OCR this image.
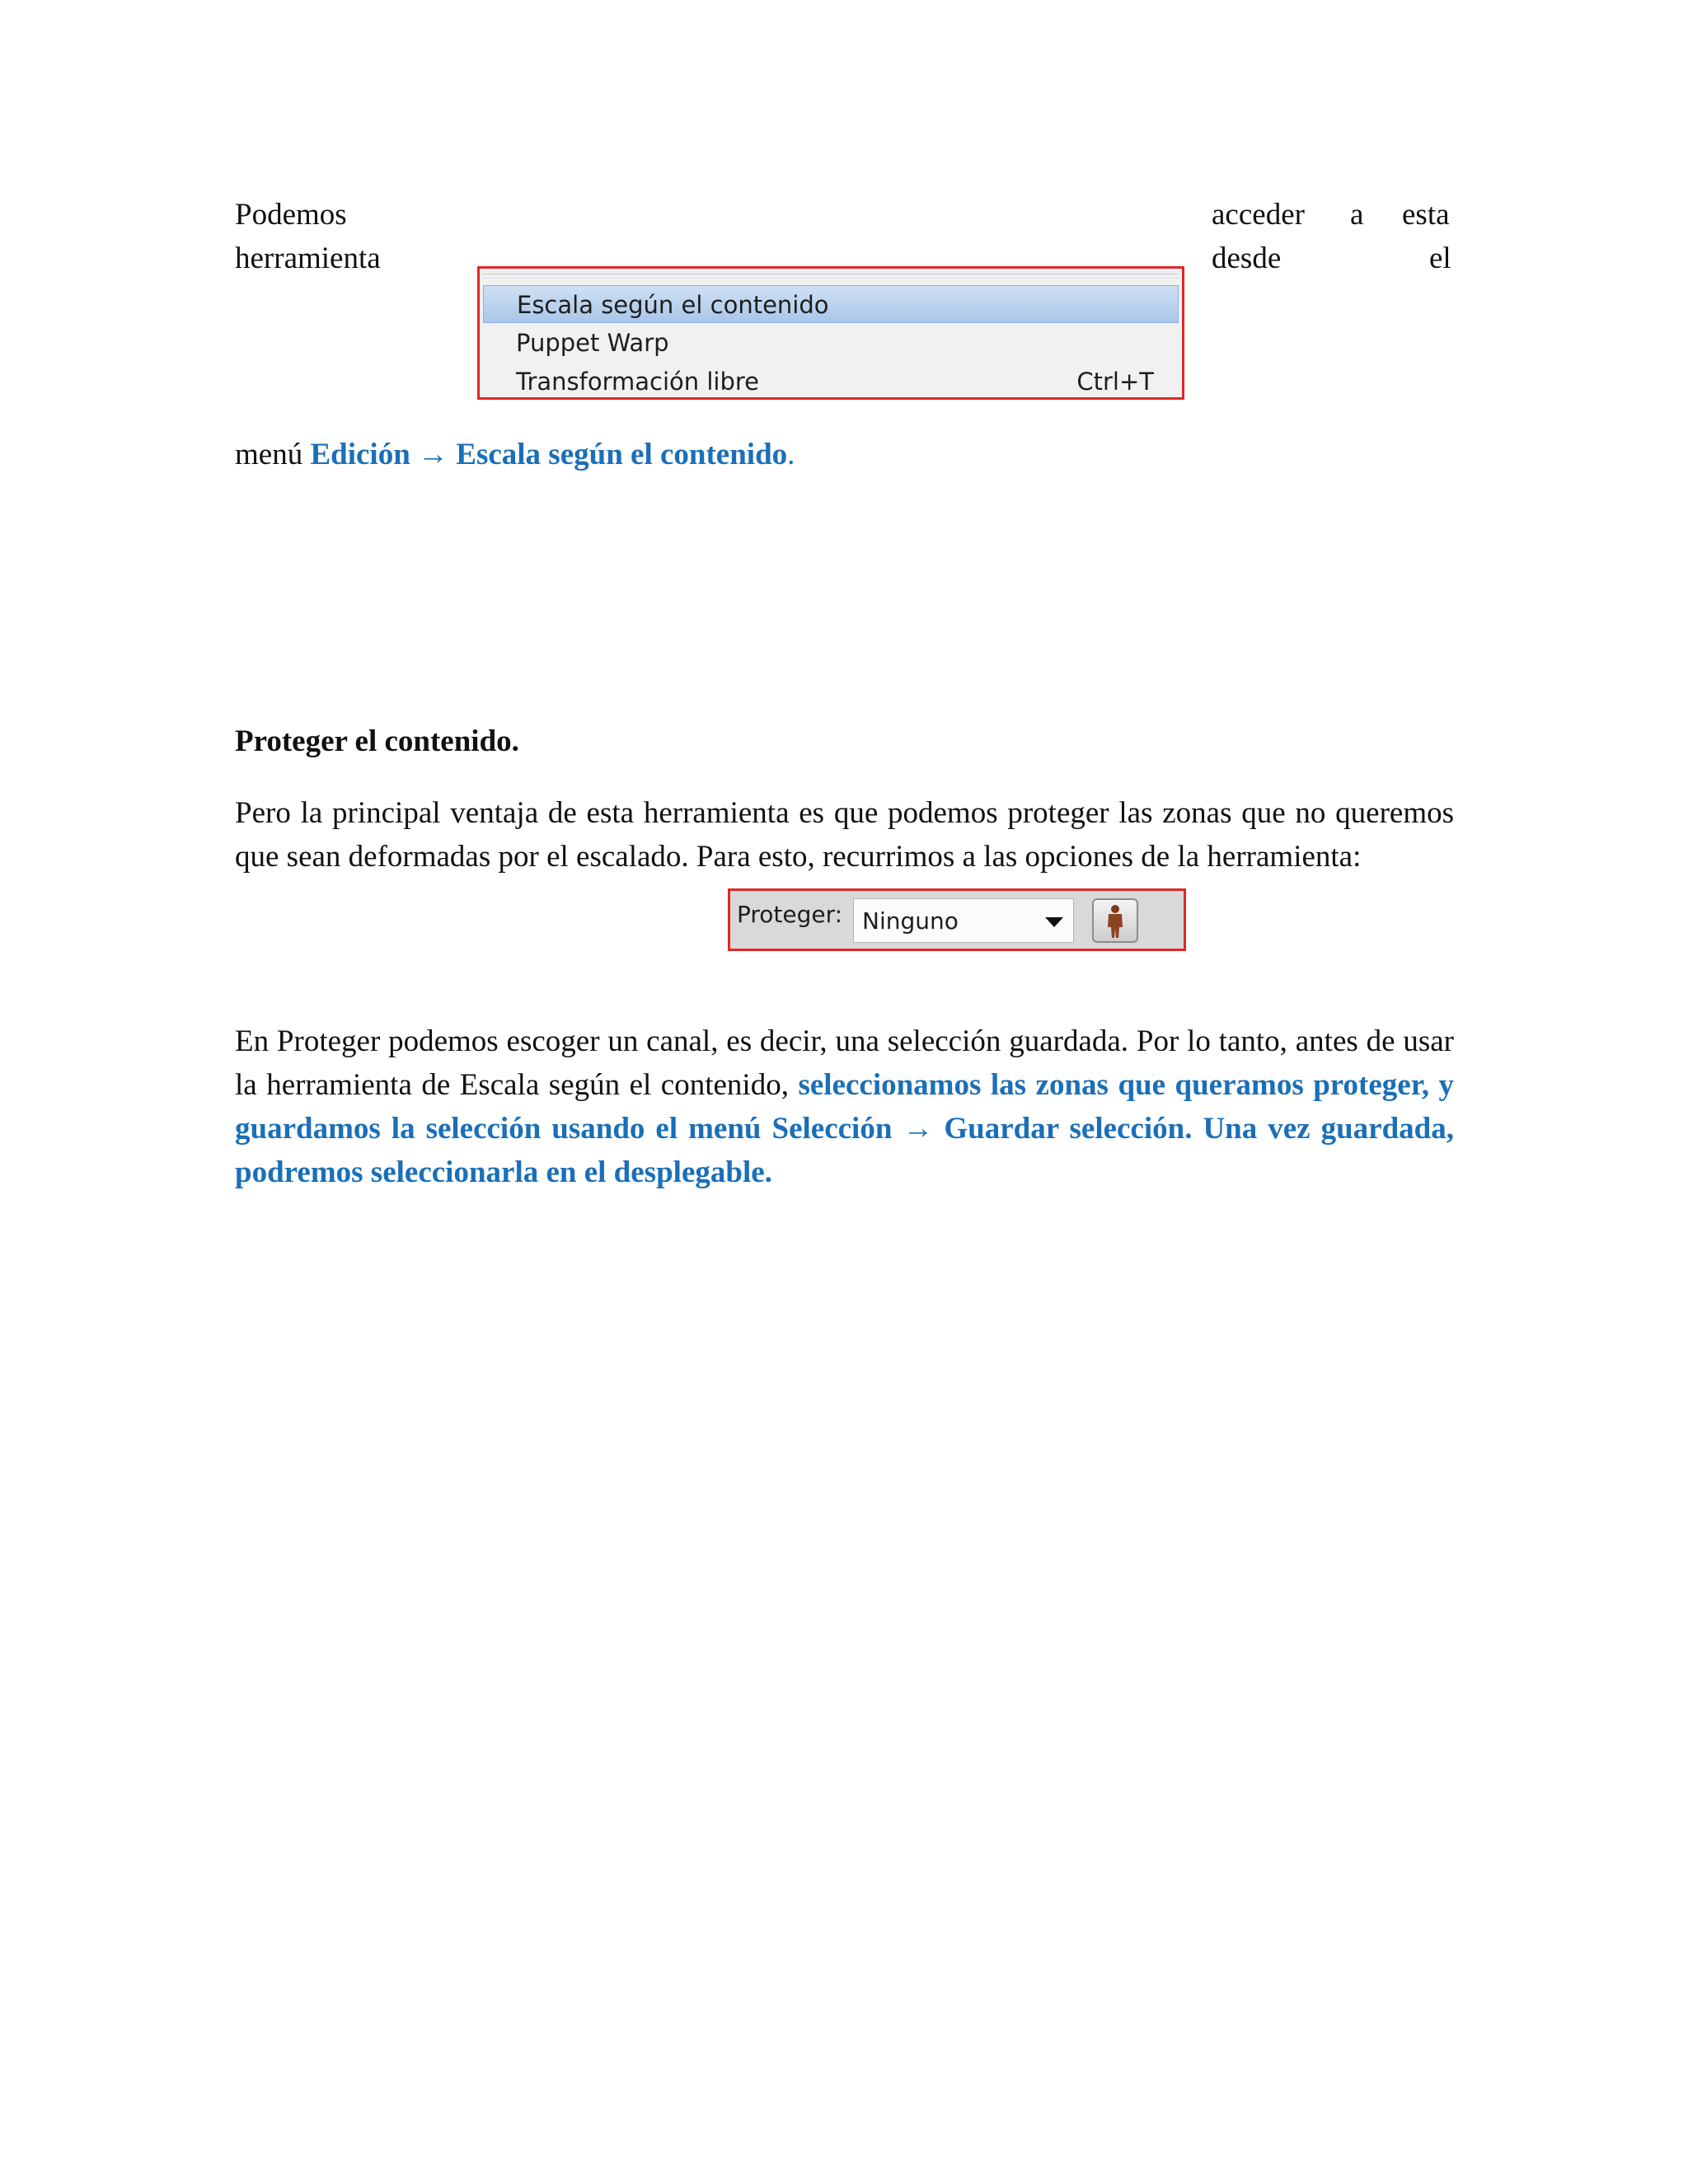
Podemos	acceder a esta
herramienta	desde	el
Escala según el contenido
Puppet Warp
Transformación libre	Ctrl+T
menú Edición → Escala según el contenido.
Proteger el contenido.
Pero la principal ventaja de esta herramienta es que podemos proteger las zonas que no queremos que sean deformadas por el escalado. Para esto, recurrimos a las opciones de la herramienta:
Proteger: Ninguno
En Proteger podemos escoger un canal, es decir, una selección guardada. Por lo tanto, antes de usar la herramienta de Escala según el contenido, seleccionamos las zonas que queramos proteger, y guardamos la selección usando el menú Selección → Guardar selección. Una vez guardada, podremos seleccionarla en el desplegable.
